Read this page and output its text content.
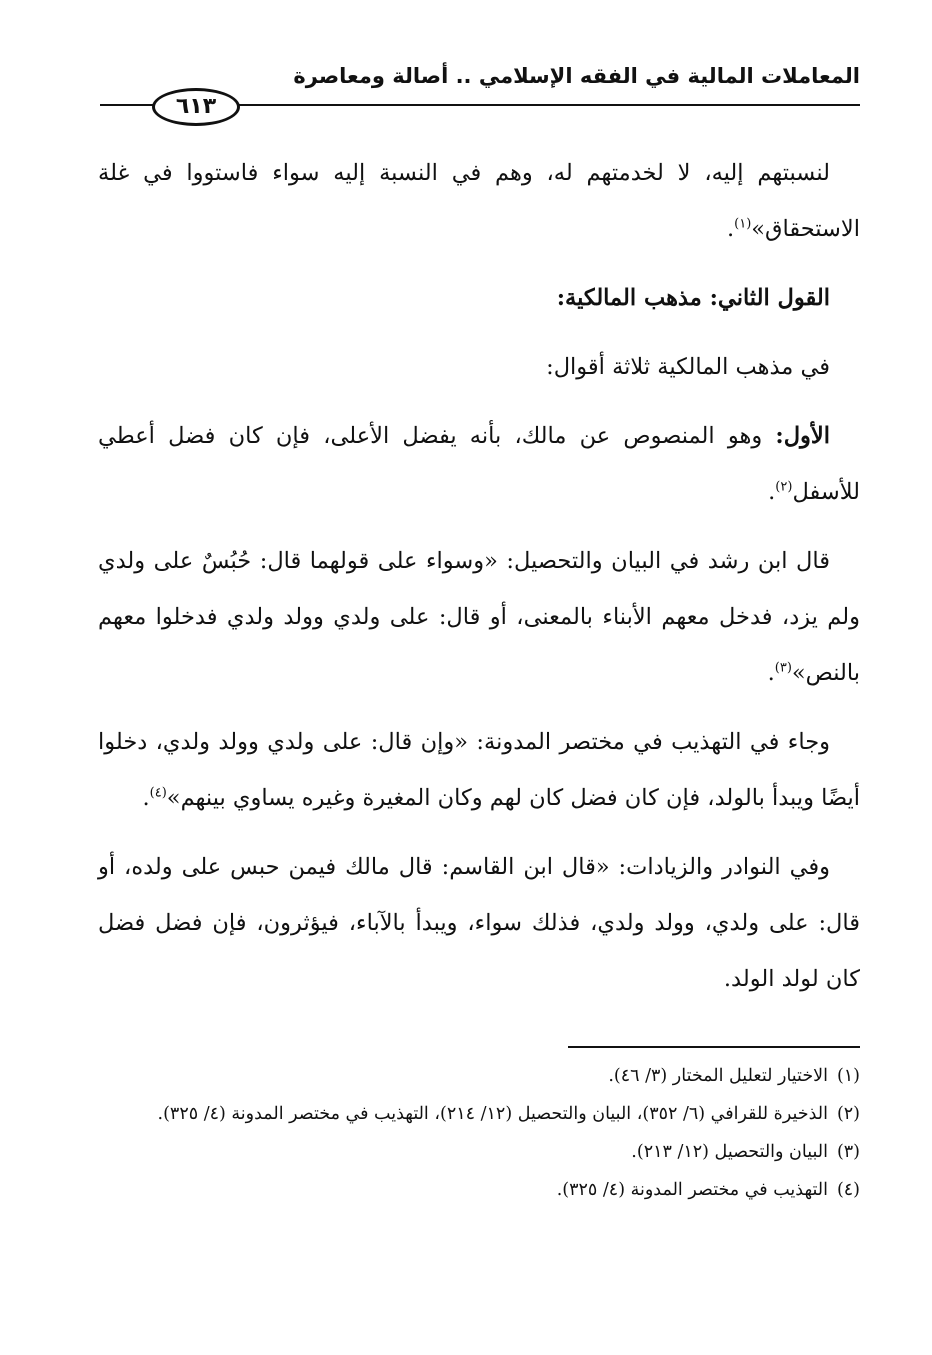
المعاملات المالية في الفقه الإسلامي .. أصالة ومعاصرة
٦١٣

لنسبتهم إليه، لا لخدمتهم له، وهم في النسبة إليه سواء فاستووا في غلة الاستحقاق»$^{(١)}$.

القول الثاني: مذهب المالكية:

في مذهب المالكية ثلاثة أقوال:

الأول: وهو المنصوص عن مالك، بأنه يفضل الأعلى، فإن كان فضل أعطي للأسفل$^{(٢)}$.

قال ابن رشد في البيان والتحصيل: «وسواء على قولهما قال: حُبُسٌ على ولدي ولم يزد، فدخل معهم الأبناء بالمعنى، أو قال: على ولدي وولد ولدي فدخلوا معهم بالنص»$^{(٣)}$.

وجاء في التهذيب في مختصر المدونة: «وإن قال: على ولدي وولد ولدي، دخلوا أيضًا ويبدأ بالولد، فإن كان فضل كان لهم وكان المغيرة وغيره يساوي بينهم»$^{(٤)}$.

وفي النوادر والزيادات: «قال ابن القاسم: قال مالك فيمن حبس على ولده، أو قال: على ولدي، وولد ولدي، فذلك سواء، ويبدأ بالآباء، فيؤثرون، فإن فضل فضل كان لولد الولد.

(١)
الاختيار لتعليل المختار (٣/ ٤٦).
(٢)
الذخيرة للقرافي (٦/ ٣٥٢)، البيان والتحصيل (١٢/ ٢١٤)، التهذيب في مختصر المدونة (٤/ ٣٢٥).
(٣)
البيان والتحصيل (١٢/ ٢١٣).
(٤)
التهذيب في مختصر المدونة (٤/ ٣٢٥).
